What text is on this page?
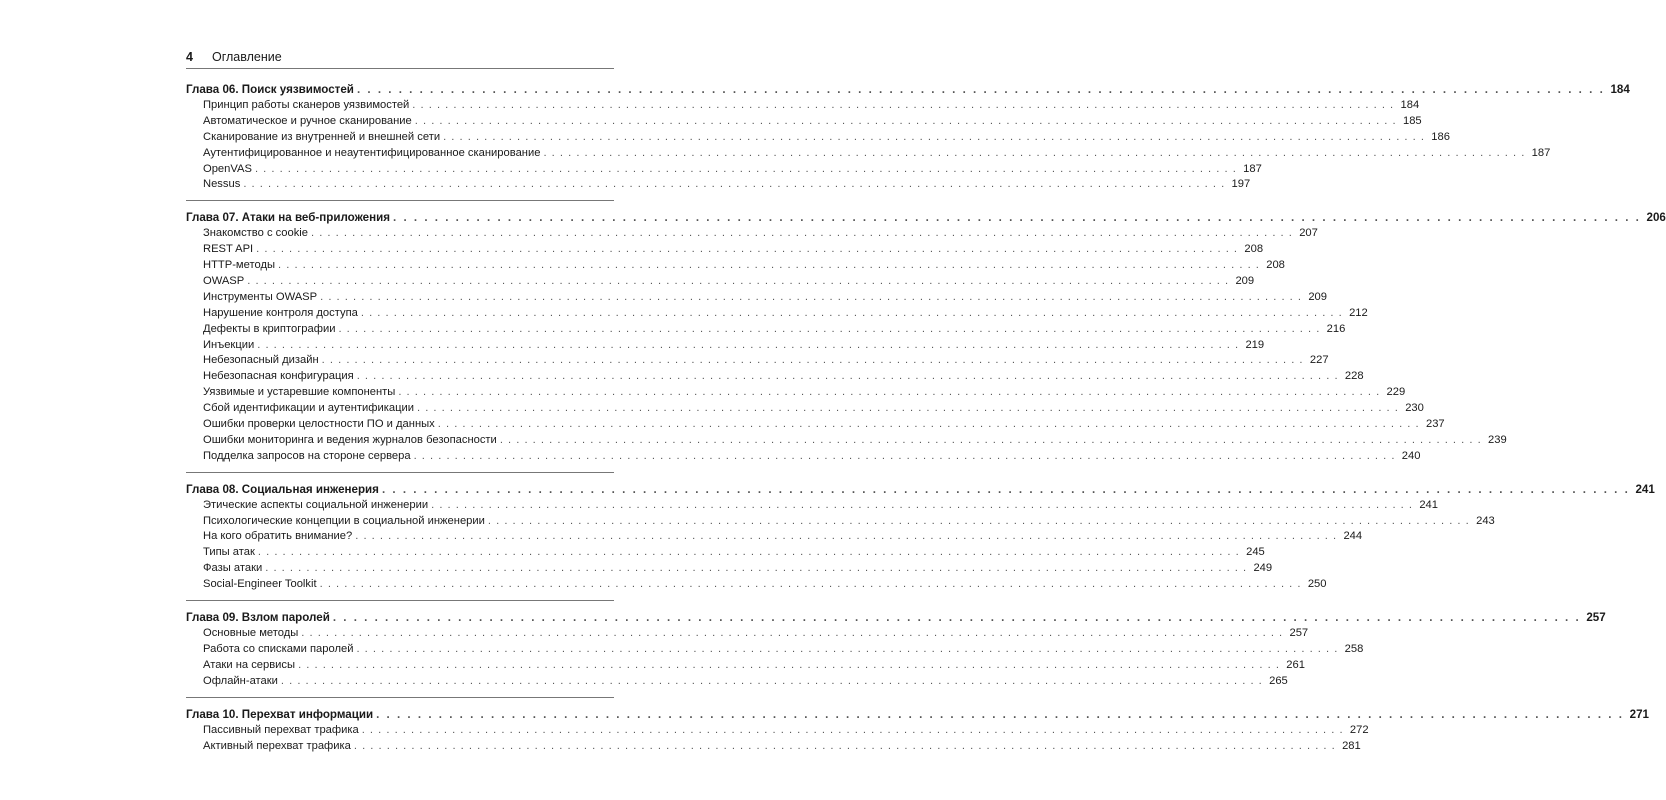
4 Оглавление
Глава 06. Поиск уязвимостей . . . . . . . . . . . . . . . . . . . . . . . . . . . . . . . . . . . . . . . . . . . . . . . . . . . . . . . . . . . . . . . . . . . . . . . . . . . . . . . . . . . . . . . . . . . . . . . . . . . . . . . . . . . . . . . . . . . . . . . . 184
Принцип работы сканеров уязвимостей . . . . . . . . . . . . . . . . . . . . . . . . . . . . . . . . . . . . . . . . . . . . . . . . . . . . . . . . . . . . . . . . . . . . . . . . . . . . . . . . . . . . . . . . . . . . . . . . . . . . . . . . . . . . . . . . . . . . . . . . 184
Автоматическое и ручное сканирование . . . . . . . . . . . . . . . . . . . . . . . . . . . . . . . . . . . . . . . . . . . . . . . . . . . . . . . . . . . . . . . . . . . . . . . . . . . . . . . . . . . . . . . . . . . . . . . . . . . . . . . . . . . . . . . . . . . . . . . . 185
Сканирование из внутренней и внешней сети . . . . . . . . . . . . . . . . . . . . . . . . . . . . . . . . . . . . . . . . . . . . . . . . . . . . . . . . . . . . . . . . . . . . . . . . . . . . . . . . . . . . . . . . . . . . . . . . . . . . . . . . . . . . . . . . . . . . . . . . 186
Аутентифицированное и неаутентифицированное сканирование . . . . . . . . . . . . . . . . . . . . . . . . . . . . . . . . . . . . . . . . . . . . . . . . . . . . . . . . . . . . . . . . . . . . . . . . . . . . . . . . . . . . . . . . . . . . . . . . . . . . . . . . . . . . . . . . . . . . . . . . 187
OpenVAS . . . . . . . . . . . . . . . . . . . . . . . . . . . . . . . . . . . . . . . . . . . . . . . . . . . . . . . . . . . . . . . . . . . . . . . . . . . . . . . . . . . . . . . . . . . . . . . . . . . . . . . . . . . . . . . . . . . . . . . . 187
Nessus . . . . . . . . . . . . . . . . . . . . . . . . . . . . . . . . . . . . . . . . . . . . . . . . . . . . . . . . . . . . . . . . . . . . . . . . . . . . . . . . . . . . . . . . . . . . . . . . . . . . . . . . . . . . . . . . . . . . . . . . 197
Глава 07. Атаки на веб-приложения . . . . . . . . . . . . . . . . . . . . . . . . . . . . . . . . . . . . . . . . . . . . . . . . . . . . . . . . . . . . . . . . . . . . . . . . . . . . . . . . . . . . . . . . . . . . . . . . . . . . . . . . . . . . . . . . . . . . . . . . 206
Знакомство с cookie . . . . . . . . . . . . . . . . . . . . . . . . . . . . . . . . . . . . . . . . . . . . . . . . . . . . . . . . . . . . . . . . . . . . . . . . . . . . . . . . . . . . . . . . . . . . . . . . . . . . . . . . . . . . . . . . . . . . . . . . 207
REST API . . . . . . . . . . . . . . . . . . . . . . . . . . . . . . . . . . . . . . . . . . . . . . . . . . . . . . . . . . . . . . . . . . . . . . . . . . . . . . . . . . . . . . . . . . . . . . . . . . . . . . . . . . . . . . . . . . . . . . . . 208
HTTP-методы . . . . . . . . . . . . . . . . . . . . . . . . . . . . . . . . . . . . . . . . . . . . . . . . . . . . . . . . . . . . . . . . . . . . . . . . . . . . . . . . . . . . . . . . . . . . . . . . . . . . . . . . . . . . . . . . . . . . . . . . 208
OWASP . . . . . . . . . . . . . . . . . . . . . . . . . . . . . . . . . . . . . . . . . . . . . . . . . . . . . . . . . . . . . . . . . . . . . . . . . . . . . . . . . . . . . . . . . . . . . . . . . . . . . . . . . . . . . . . . . . . . . . . . 209
Инструменты OWASP . . . . . . . . . . . . . . . . . . . . . . . . . . . . . . . . . . . . . . . . . . . . . . . . . . . . . . . . . . . . . . . . . . . . . . . . . . . . . . . . . . . . . . . . . . . . . . . . . . . . . . . . . . . . . . . . . . . . . . . . 209
Нарушение контроля доступа . . . . . . . . . . . . . . . . . . . . . . . . . . . . . . . . . . . . . . . . . . . . . . . . . . . . . . . . . . . . . . . . . . . . . . . . . . . . . . . . . . . . . . . . . . . . . . . . . . . . . . . . . . . . . . . . . . . . . . . . 212
Дефекты в криптографии . . . . . . . . . . . . . . . . . . . . . . . . . . . . . . . . . . . . . . . . . . . . . . . . . . . . . . . . . . . . . . . . . . . . . . . . . . . . . . . . . . . . . . . . . . . . . . . . . . . . . . . . . . . . . . . . . . . . . . . . 216
Инъекции . . . . . . . . . . . . . . . . . . . . . . . . . . . . . . . . . . . . . . . . . . . . . . . . . . . . . . . . . . . . . . . . . . . . . . . . . . . . . . . . . . . . . . . . . . . . . . . . . . . . . . . . . . . . . . . . . . . . . . . . 219
Небезопасный дизайн . . . . . . . . . . . . . . . . . . . . . . . . . . . . . . . . . . . . . . . . . . . . . . . . . . . . . . . . . . . . . . . . . . . . . . . . . . . . . . . . . . . . . . . . . . . . . . . . . . . . . . . . . . . . . . . . . . . . . . . . 227
Небезопасная конфигурация . . . . . . . . . . . . . . . . . . . . . . . . . . . . . . . . . . . . . . . . . . . . . . . . . . . . . . . . . . . . . . . . . . . . . . . . . . . . . . . . . . . . . . . . . . . . . . . . . . . . . . . . . . . . . . . . . . . . . . . . 228
Уязвимые и устаревшие компоненты . . . . . . . . . . . . . . . . . . . . . . . . . . . . . . . . . . . . . . . . . . . . . . . . . . . . . . . . . . . . . . . . . . . . . . . . . . . . . . . . . . . . . . . . . . . . . . . . . . . . . . . . . . . . . . . . . . . . . . . . 229
Сбой идентификации и аутентификации . . . . . . . . . . . . . . . . . . . . . . . . . . . . . . . . . . . . . . . . . . . . . . . . . . . . . . . . . . . . . . . . . . . . . . . . . . . . . . . . . . . . . . . . . . . . . . . . . . . . . . . . . . . . . . . . . . . . . . . . 230
Ошибки проверки целостности ПО и данных . . . . . . . . . . . . . . . . . . . . . . . . . . . . . . . . . . . . . . . . . . . . . . . . . . . . . . . . . . . . . . . . . . . . . . . . . . . . . . . . . . . . . . . . . . . . . . . . . . . . . . . . . . . . . . . . . . . . . . . . 237
Ошибки мониторинга и ведения журналов безопасности . . . . . . . . . . . . . . . . . . . . . . . . . . . . . . . . . . . . . . . . . . . . . . . . . . . . . . . . . . . . . . . . . . . . . . . . . . . . . . . . . . . . . . . . . . . . . . . . . . . . . . . . . . . . . . . . . . . . . . . . 239
Подделка запросов на стороне сервера . . . . . . . . . . . . . . . . . . . . . . . . . . . . . . . . . . . . . . . . . . . . . . . . . . . . . . . . . . . . . . . . . . . . . . . . . . . . . . . . . . . . . . . . . . . . . . . . . . . . . . . . . . . . . . . . . . . . . . . . 240
Глава 08. Социальная инженерия . . . . . . . . . . . . . . . . . . . . . . . . . . . . . . . . . . . . . . . . . . . . . . . . . . . . . . . . . . . . . . . . . . . . . . . . . . . . . . . . . . . . . . . . . . . . . . . . . . . . . . . . . . . . . . . . . . . . . . . . 241
Этические аспекты социальной инженерии . . . . . . . . . . . . . . . . . . . . . . . . . . . . . . . . . . . . . . . . . . . . . . . . . . . . . . . . . . . . . . . . . . . . . . . . . . . . . . . . . . . . . . . . . . . . . . . . . . . . . . . . . . . . . . . . . . . . . . . . 241
Психологические концепции в социальной инженерии . . . . . . . . . . . . . . . . . . . . . . . . . . . . . . . . . . . . . . . . . . . . . . . . . . . . . . . . . . . . . . . . . . . . . . . . . . . . . . . . . . . . . . . . . . . . . . . . . . . . . . . . . . . . . . . . . . . . . . . . 243
На кого обратить внимание? . . . . . . . . . . . . . . . . . . . . . . . . . . . . . . . . . . . . . . . . . . . . . . . . . . . . . . . . . . . . . . . . . . . . . . . . . . . . . . . . . . . . . . . . . . . . . . . . . . . . . . . . . . . . . . . . . . . . . . . . 244
Типы атак . . . . . . . . . . . . . . . . . . . . . . . . . . . . . . . . . . . . . . . . . . . . . . . . . . . . . . . . . . . . . . . . . . . . . . . . . . . . . . . . . . . . . . . . . . . . . . . . . . . . . . . . . . . . . . . . . . . . . . . . 245
Фазы атаки . . . . . . . . . . . . . . . . . . . . . . . . . . . . . . . . . . . . . . . . . . . . . . . . . . . . . . . . . . . . . . . . . . . . . . . . . . . . . . . . . . . . . . . . . . . . . . . . . . . . . . . . . . . . . . . . . . . . . . . . 249
Social-Engineer Toolkit . . . . . . . . . . . . . . . . . . . . . . . . . . . . . . . . . . . . . . . . . . . . . . . . . . . . . . . . . . . . . . . . . . . . . . . . . . . . . . . . . . . . . . . . . . . . . . . . . . . . . . . . . . . . . . . . . . . . . . . . 250
Глава 09. Взлом паролей . . . . . . . . . . . . . . . . . . . . . . . . . . . . . . . . . . . . . . . . . . . . . . . . . . . . . . . . . . . . . . . . . . . . . . . . . . . . . . . . . . . . . . . . . . . . . . . . . . . . . . . . . . . . . . . . . . . . . . . . 257
Основные методы . . . . . . . . . . . . . . . . . . . . . . . . . . . . . . . . . . . . . . . . . . . . . . . . . . . . . . . . . . . . . . . . . . . . . . . . . . . . . . . . . . . . . . . . . . . . . . . . . . . . . . . . . . . . . . . . . . . . . . . . 257
Работа со списками паролей . . . . . . . . . . . . . . . . . . . . . . . . . . . . . . . . . . . . . . . . . . . . . . . . . . . . . . . . . . . . . . . . . . . . . . . . . . . . . . . . . . . . . . . . . . . . . . . . . . . . . . . . . . . . . . . . . . . . . . . . 258
Атаки на сервисы . . . . . . . . . . . . . . . . . . . . . . . . . . . . . . . . . . . . . . . . . . . . . . . . . . . . . . . . . . . . . . . . . . . . . . . . . . . . . . . . . . . . . . . . . . . . . . . . . . . . . . . . . . . . . . . . . . . . . . . . 261
Офлайн-атаки . . . . . . . . . . . . . . . . . . . . . . . . . . . . . . . . . . . . . . . . . . . . . . . . . . . . . . . . . . . . . . . . . . . . . . . . . . . . . . . . . . . . . . . . . . . . . . . . . . . . . . . . . . . . . . . . . . . . . . . . 265
Глава 10. Перехват информации . . . . . . . . . . . . . . . . . . . . . . . . . . . . . . . . . . . . . . . . . . . . . . . . . . . . . . . . . . . . . . . . . . . . . . . . . . . . . . . . . . . . . . . . . . . . . . . . . . . . . . . . . . . . . . . . . . . . . . . . 271
Пассивный перехват трафика . . . . . . . . . . . . . . . . . . . . . . . . . . . . . . . . . . . . . . . . . . . . . . . . . . . . . . . . . . . . . . . . . . . . . . . . . . . . . . . . . . . . . . . . . . . . . . . . . . . . . . . . . . . . . . . . . . . . . . . . 272
Активный перехват трафика . . . . . . . . . . . . . . . . . . . . . . . . . . . . . . . . . . . . . . . . . . . . . . . . . . . . . . . . . . . . . . . . . . . . . . . . . . . . . . . . . . . . . . . . . . . . . . . . . . . . . . . . . . . . . . . . . . . . . . . . 281
